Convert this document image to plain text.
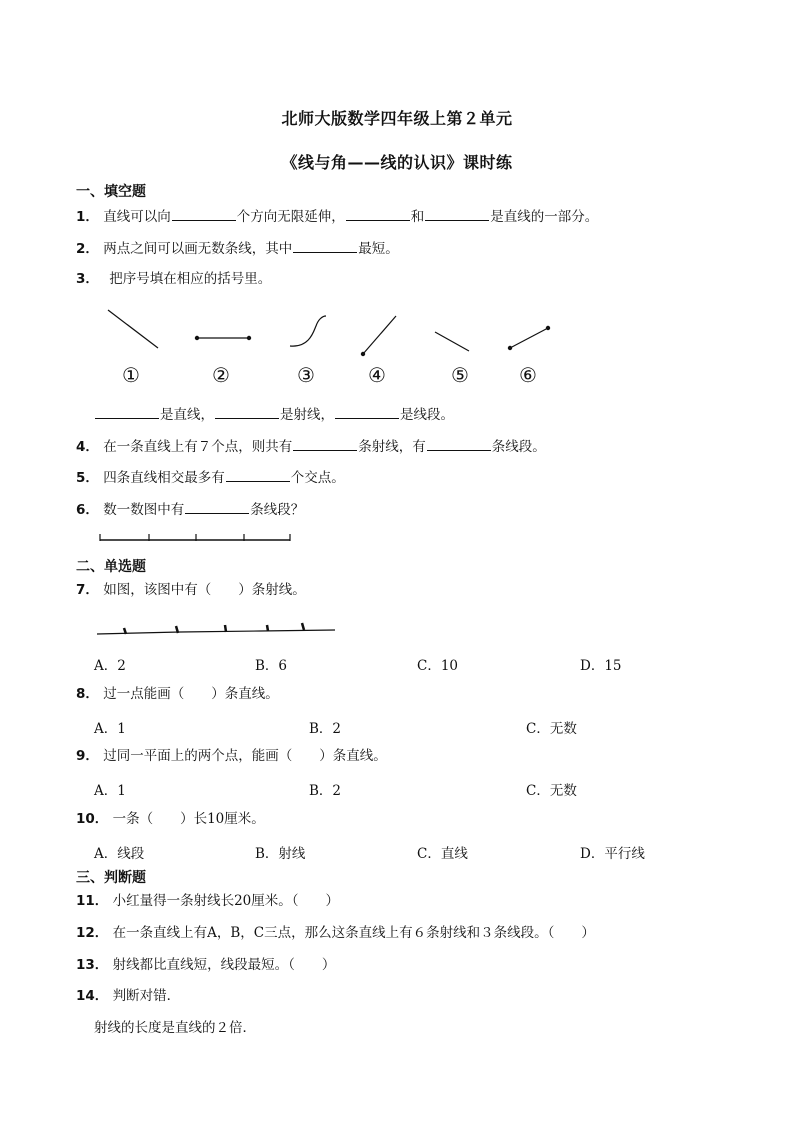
北师大版数学四年级上第２单元
《线与角——线的认识》课时练
一、填空题
1． 直线可以向	个方向无限延伸，	和	是直线的一部分。
2． 两点之间可以画无数条线，其中	最短。
3． 把序号填在相应的括号里。
①	②	③	④	⑤	⑥
是直线，	是射线，	是线段。
4． 在一条直线上有７个点，则共有	条射线，有	条线段。
5． 四条直线相交最多有	个交点。
6． 数一数图中有	条线段？
二、单选题
7． 如图，该图中有（　　）条射线。
A．2	B．6	C．10	D．15
8． 过一点能画（　　）条直线。
A．1	B．2	C．无数
9． 过同一平面上的两个点，能画（　　）条直线。
A．1	B．2	C．无数
10． 一条（　　）长10厘米。
A．线段	B．射线	C．直线	D．平行线
三、判断题
11． 小红量得一条射线长20厘米。（　　）
12． 在一条直线上有A，B，C三点，那么这条直线上有６条射线和３条线段。（　　）
13． 射线都比直线短，线段最短。（　　）
14． 判断对错．
射线的长度是直线的２倍．
